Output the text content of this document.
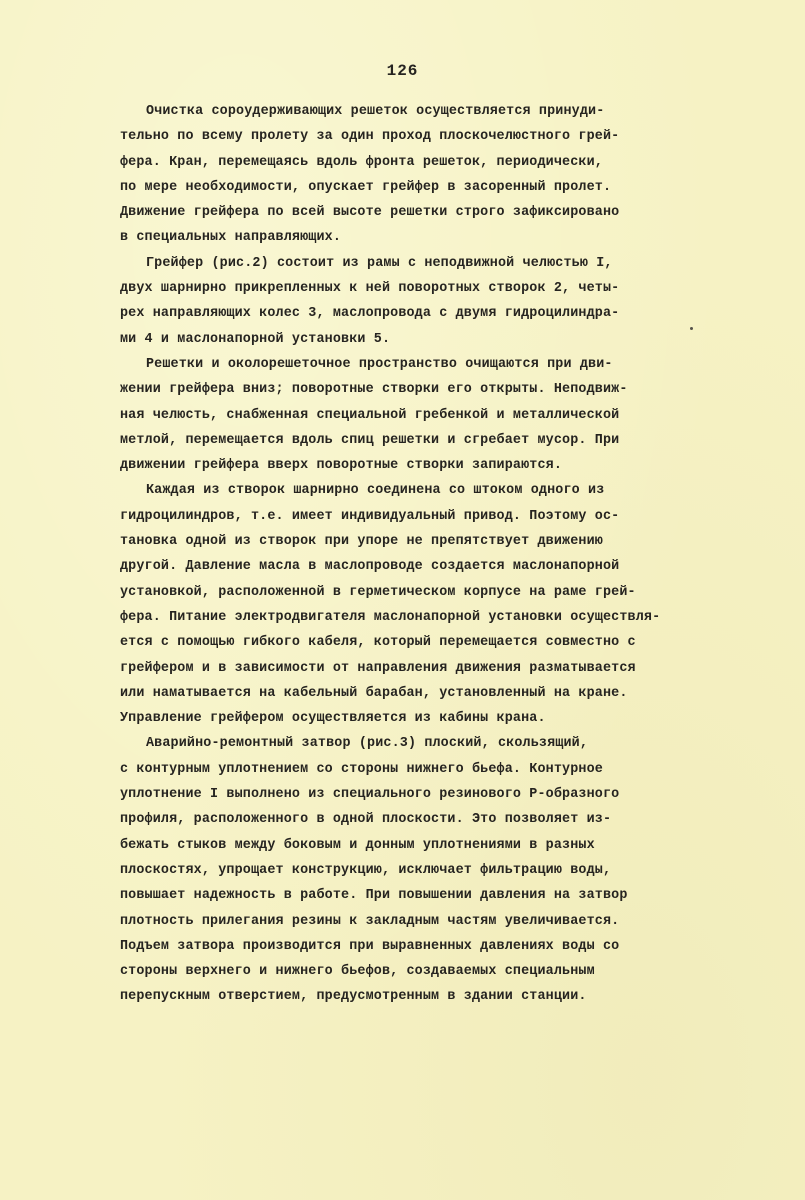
126
Очистка сороудерживающих решеток осуществляется принуди-
тельно по всему пролету за один проход плоскочелюстного грей-
фера. Кран, перемещаясь вдоль фронта решеток, периодически,
по мере необходимости, опускает грейфер в засоренный пролет.
Движение грейфера по всей высоте решетки строго зафиксировано
в специальных направляющих.
Грейфер (рис.2) состоит из рамы с неподвижной челюстью I,
двух шарнирно прикрепленных к ней поворотных створок 2, четы-
рех направляющих колес 3, маслопровода с двумя гидроцилиндра-
ми 4 и маслонапорной установки 5.
Решетки и околорешеточное пространство очищаются при дви-
жении грейфера вниз; поворотные створки его открыты. Неподвиж-
ная челюсть, снабженная специальной гребенкой и металлической
метлой, перемещается вдоль спиц решетки и сгребает мусор. При
движении грейфера вверх поворотные створки запираются.
Каждая из створок шарнирно соединена со штоком одного из
гидроцилиндров, т.е. имеет индивидуальный привод. Поэтому ос-
тановка одной из створок при упоре не препятствует движению
другой. Давление масла в маслопроводе создается маслонапорной
установкой, расположенной в герметическом корпусе на раме грей-
фера. Питание электродвигателя маслонапорной установки осуществля-
ется с помощью гибкого кабеля, который перемещается совместно с
грейфером и в зависимости от направления движения разматывается
или наматывается на кабельный барабан, установленный на кране.
Управление грейфером осуществляется из кабины крана.
Аварийно-ремонтный затвор (рис.3) плоский, скользящий,
с контурным уплотнением со стороны нижнего бьефа. Контурное
уплотнение I выполнено из специального резинового Р-образного
профиля, расположенного в одной плоскости. Это позволяет из-
бежать стыков между боковым и донным уплотнениями в разных
плоскостях, упрощает конструкцию, исключает фильтрацию воды,
повышает надежность в работе. При повышении давления на затвор
плотность прилегания резины к закладным частям увеличивается.
Подъем затвора производится при выравненных давлениях воды со
стороны верхнего и нижнего бьефов, создаваемых специальным
перепускным отверстием, предусмотренным в здании станции.
